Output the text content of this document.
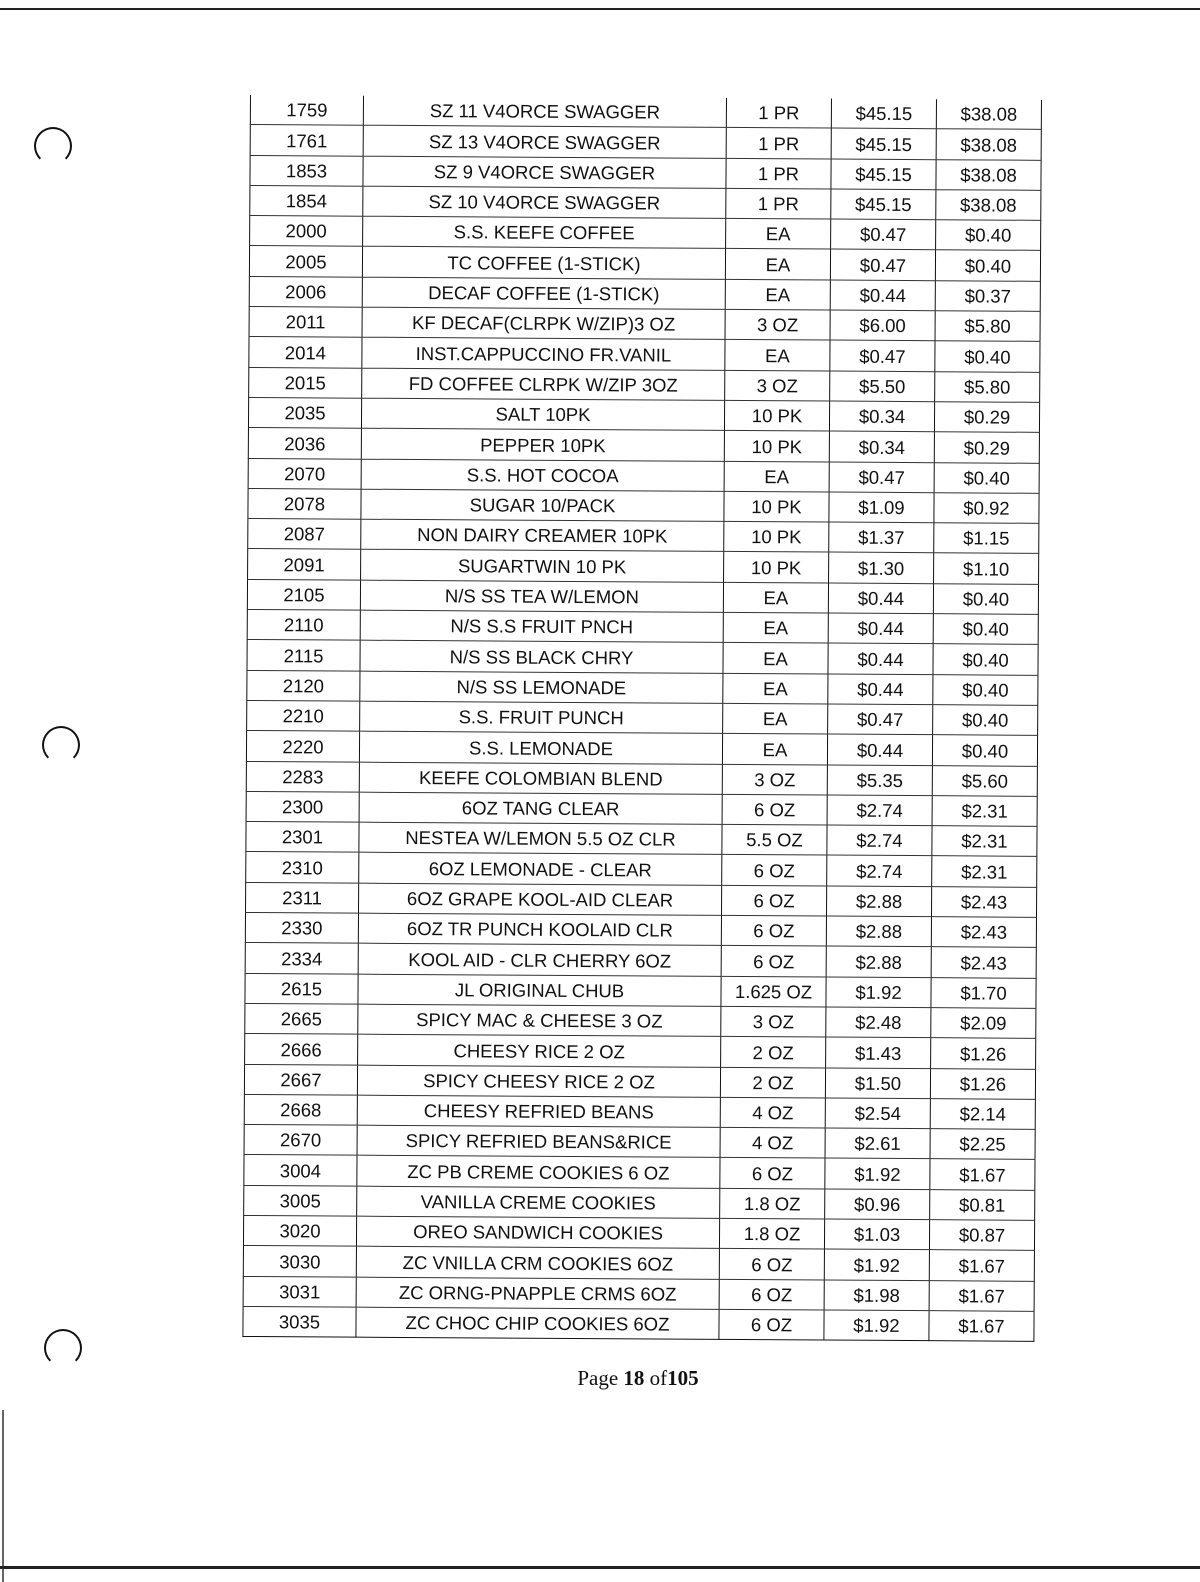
1759	SZ 11 V4ORCE SWAGGER	1 PR	$45.15	$38.08
1761	SZ 13 V4ORCE SWAGGER	1 PR	$45.15	$38.08
1853	SZ 9 V4ORCE SWAGGER	1 PR	$45.15	$38.08
1854	SZ 10 V4ORCE SWAGGER	1 PR	$45.15	$38.08
2000	S.S. KEEFE COFFEE	EA	$0.47	$0.40
2005	TC COFFEE (1-STICK)	EA	$0.47	$0.40
2006	DECAF COFFEE (1-STICK)	EA	$0.44	$0.37
2011	KF DECAF(CLRPK W/ZIP)3 OZ	3 OZ	$6.00	$5.80
2014	INST.CAPPUCCINO FR.VANIL	EA	$0.47	$0.40
2015	FD COFFEE CLRPK W/ZIP 3OZ	3 OZ	$5.50	$5.80
2035	SALT 10PK	10 PK	$0.34	$0.29
2036	PEPPER 10PK	10 PK	$0.34	$0.29
2070	S.S. HOT COCOA	EA	$0.47	$0.40
2078	SUGAR 10/PACK	10 PK	$1.09	$0.92
2087	NON DAIRY CREAMER 10PK	10 PK	$1.37	$1.15
2091	SUGARTWIN 10 PK	10 PK	$1.30	$1.10
2105	N/S SS TEA W/LEMON	EA	$0.44	$0.40
2110	N/S S.S FRUIT PNCH	EA	$0.44	$0.40
2115	N/S SS BLACK CHRY	EA	$0.44	$0.40
2120	N/S SS LEMONADE	EA	$0.44	$0.40
2210	S.S. FRUIT PUNCH	EA	$0.47	$0.40
2220	S.S. LEMONADE	EA	$0.44	$0.40
2283	KEEFE COLOMBIAN BLEND	3 OZ	$5.35	$5.60
2300	6OZ TANG CLEAR	6 OZ	$2.74	$2.31
2301	NESTEA W/LEMON 5.5 OZ CLR	5.5 OZ	$2.74	$2.31
2310	6OZ LEMONADE - CLEAR	6 OZ	$2.74	$2.31
2311	6OZ GRAPE KOOL-AID CLEAR	6 OZ	$2.88	$2.43
2330	6OZ TR PUNCH KOOLAID CLR	6 OZ	$2.88	$2.43
2334	KOOL AID - CLR CHERRY 6OZ	6 OZ	$2.88	$2.43
2615	JL ORIGINAL CHUB	1.625 OZ	$1.92	$1.70
2665	SPICY MAC & CHEESE 3 OZ	3 OZ	$2.48	$2.09
2666	CHEESY RICE 2 OZ	2 OZ	$1.43	$1.26
2667	SPICY CHEESY RICE 2 OZ	2 OZ	$1.50	$1.26
2668	CHEESY REFRIED BEANS	4 OZ	$2.54	$2.14
2670	SPICY REFRIED BEANS&RICE	4 OZ	$2.61	$2.25
3004	ZC PB CREME COOKIES 6 OZ	6 OZ	$1.92	$1.67
3005	VANILLA CREME COOKIES	1.8 OZ	$0.96	$0.81
3020	OREO SANDWICH COOKIES	1.8 OZ	$1.03	$0.87
3030	ZC VNILLA CRM COOKIES 6OZ	6 OZ	$1.92	$1.67
3031	ZC ORNG-PNAPPLE CRMS 6OZ	6 OZ	$1.98	$1.67
3035	ZC CHOC CHIP COOKIES 6OZ	6 OZ	$1.92	$1.67
Page 18 of105
